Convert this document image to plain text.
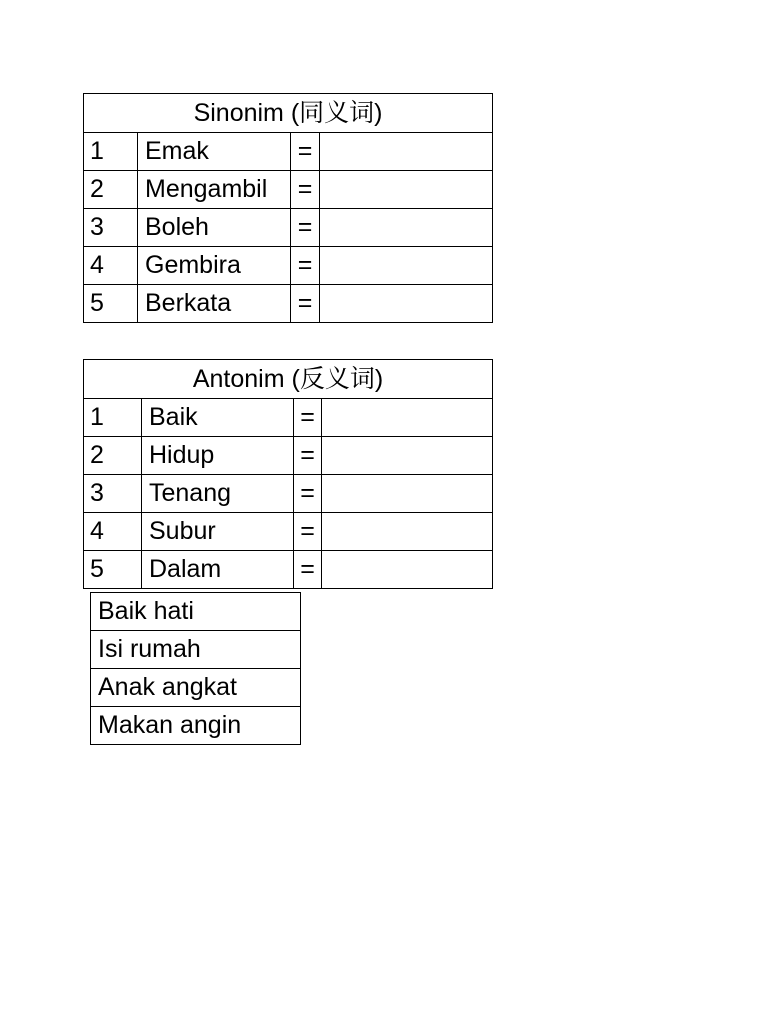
Sinonim (同义词)			
1	Emak	=	
2	Mengambil	=	
3	Boleh	=	
4	Gembira	=	
5	Berkata	=	
Antonim (反义词)			
1	Baik	=	
2	Hidup	=	
3	Tenang	=	
4	Subur	=	
5	Dalam	=	
Baik hati
Isi rumah
Anak angkat
Makan angin
